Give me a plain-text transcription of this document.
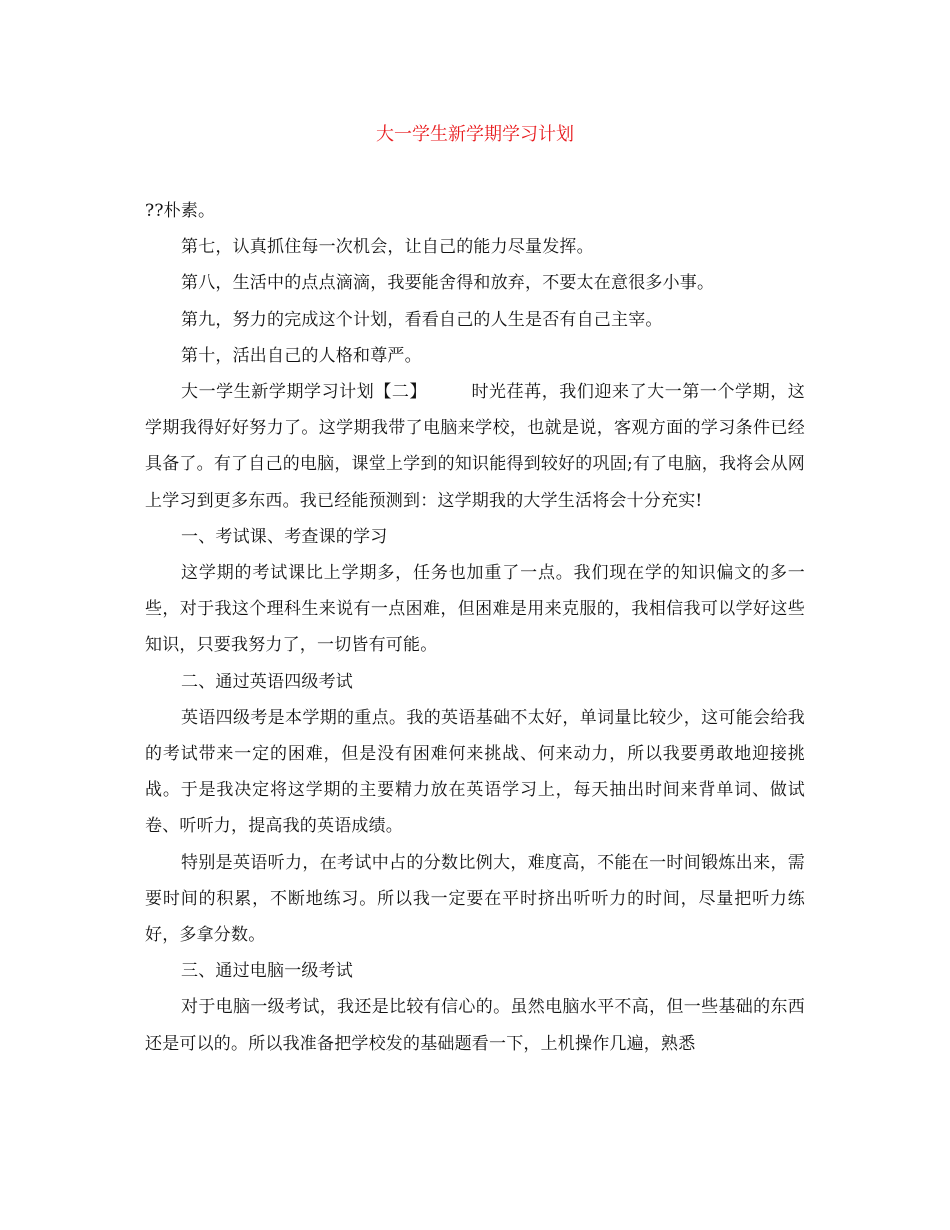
大一学生新学期学习计划

??朴素。

第七，认真抓住每一次机会，让自己的能力尽量发挥。

第八，生活中的点点滴滴，我要能舍得和放弃，不要太在意很多小事。

第九，努力的完成这个计划，看看自己的人生是否有自己主宰。

第十，活出自己的人格和尊严。

大一学生新学期学习计划【二】	时光荏苒，我们迎来了大一第一个学期，这学期我得好好努力了。这学期我带了电脑来学校，也就是说，客观方面的学习条件已经具备了。有了自己的电脑，课堂上学到的知识能得到较好的巩固;有了电脑，我将会从网上学习到更多东西。我已经能预测到：这学期我的大学生活将会十分充实!

一、考试课、考查课的学习

这学期的考试课比上学期多，任务也加重了一点。我们现在学的知识偏文的多一些，对于我这个理科生来说有一点困难，但困难是用来克服的，我相信我可以学好这些知识，只要我努力了，一切皆有可能。

二、通过英语四级考试

英语四级考是本学期的重点。我的英语基础不太好，单词量比较少，这可能会给我的考试带来一定的困难，但是没有困难何来挑战、何来动力，所以我要勇敢地迎接挑战。于是我决定将这学期的主要精力放在英语学习上，每天抽出时间来背单词、做试卷、听听力，提高我的英语成绩。

特别是英语听力，在考试中占的分数比例大，难度高，不能在一时间锻炼出来，需要时间的积累，不断地练习。所以我一定要在平时挤出听听力的时间，尽量把听力练好，多拿分数。

三、通过电脑一级考试

对于电脑一级考试，我还是比较有信心的。虽然电脑水平不高，但一些基础的东西还是可以的。所以我准备把学校发的基础题看一下，上机操作几遍，熟悉
